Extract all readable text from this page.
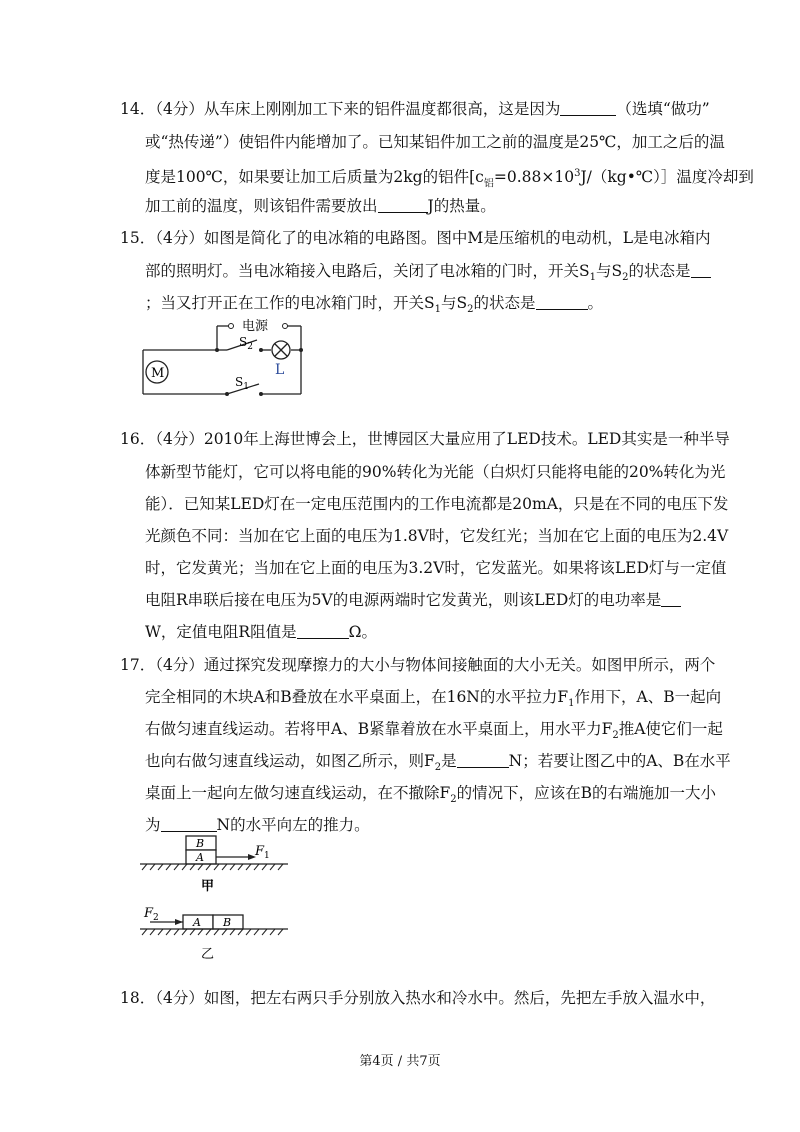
14．（4分）从车床上刚刚加工下来的铝件温度都很高，这是因为	（选填“做功”
或“热传递”）使铝件内能增加了。已知某铝件加工之前的温度是25℃，加工之后的温
度是100℃，如果要让加工后质量为2kg的铝件[$c_铝=0.88\times 10^3J/(kg•℃)]$温度冷却到
加工前的温度，则该铝件需要放出	J的热量。
15．（4分）如图是简化了的电冰箱的电路图。图中M是压缩机的电动机，L是电冰箱内
部的照明灯。当电冰箱接入电路后，关闭了电冰箱的门时，开关$S_1$与$S_2$的状态是
；当又打开正在工作的电冰箱门时，开关$S_1$与$S_2$的状态是	。
电源
$S_2$
$S_1$
M	L
16．（4分）2010年上海世博会上，世博园区大量应用了LED技术。LED其实是一种半导
体新型节能灯，它可以将电能的90%转化为光能（白炽灯只能将电能的20%转化为光
能）．已知某LED灯在一定电压范围内的工作电流都是20mA，只是在不同的电压下发
光颜色不同：当加在它上面的电压为1.8V时，它发红光；当加在它上面的电压为2.4V
时，它发黄光；当加在它上面的电压为3.2V时，它发蓝光。如果将该LED灯与一定值
电阻R串联后接在电压为5V的电源两端时它发黄光，则该LED灯的电功率是
W，定值电阻R阻值是	Ω。
17．（4分）通过探究发现摩擦力的大小与物体间接触面的大小无关。如图甲所示，两个
完全相同的木块A和B叠放在水平桌面上，在16N的水平拉力$F_1$作用下，A、B一起向
右做匀速直线运动。若将甲A、B紧靠着放在水平桌面上，用水平力$F_2$推A使它们一起
也向右做匀速直线运动，如图乙所示，则$F_2$是	N；若要让图乙中的A、B在水平
桌面上一起向左做匀速直线运动，在不撤除$F_2$的情况下，应该在B的右端施加一大小
为	N的水平向左的推力。
B
A	$F_1$
甲
A B
$F_2$
乙
18．（4分）如图，把左右两只手分别放入热水和冷水中。然后，先把左手放入温水中，
第4页 / 共7页
